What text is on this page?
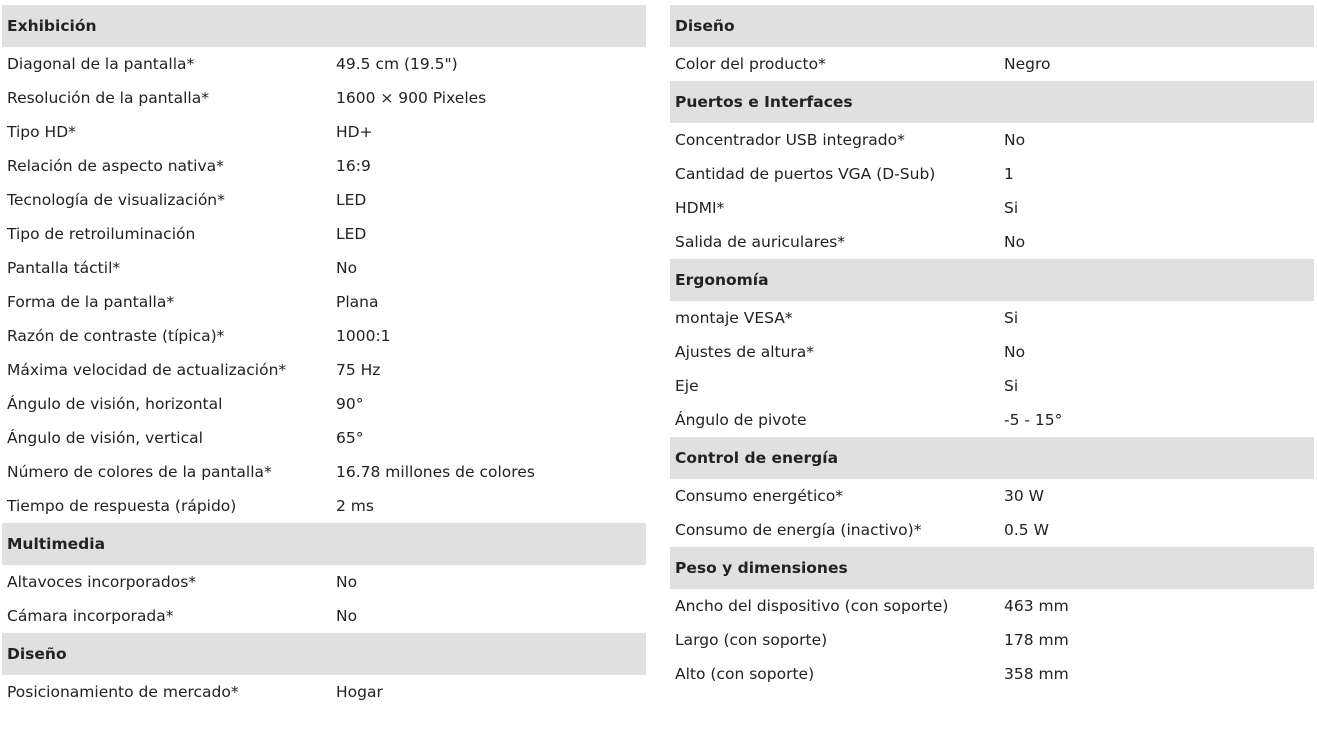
Exhibición
Diagonal de la pantalla*	49.5 cm (19.5")
Resolución de la pantalla*	1600 × 900 Pixeles
Tipo HD*	HD+
Relación de aspecto nativa*	16:9
Tecnología de visualización*	LED
Tipo de retroiluminación	LED
Pantalla táctil*	No
Forma de la pantalla*	Plana
Razón de contraste (típica)*	1000:1
Máxima velocidad de actualización*	75 Hz
Ángulo de visión, horizontal	90°
Ángulo de visión, vertical	65°
Número de colores de la pantalla*	16.78 millones de colores
Tiempo de respuesta (rápido)	2 ms
Multimedia
Altavoces incorporados*	No
Cámara incorporada*	No
Diseño
Posicionamiento de mercado*	Hogar
Diseño
Color del producto*	Negro
Puertos e Interfaces
Concentrador USB integrado*	No
Cantidad de puertos VGA (D-Sub)	1
HDMI*	Si
Salida de auriculares*	No
Ergonomía
montaje VESA*	Si
Ajustes de altura*	No
Eje	Si
Ángulo de pivote	-5 - 15°
Control de energía
Consumo energético*	30 W
Consumo de energía (inactivo)*	0.5 W
Peso y dimensiones
Ancho del dispositivo (con soporte)	463 mm
Largo (con soporte)	178 mm
Alto (con soporte)	358 mm
